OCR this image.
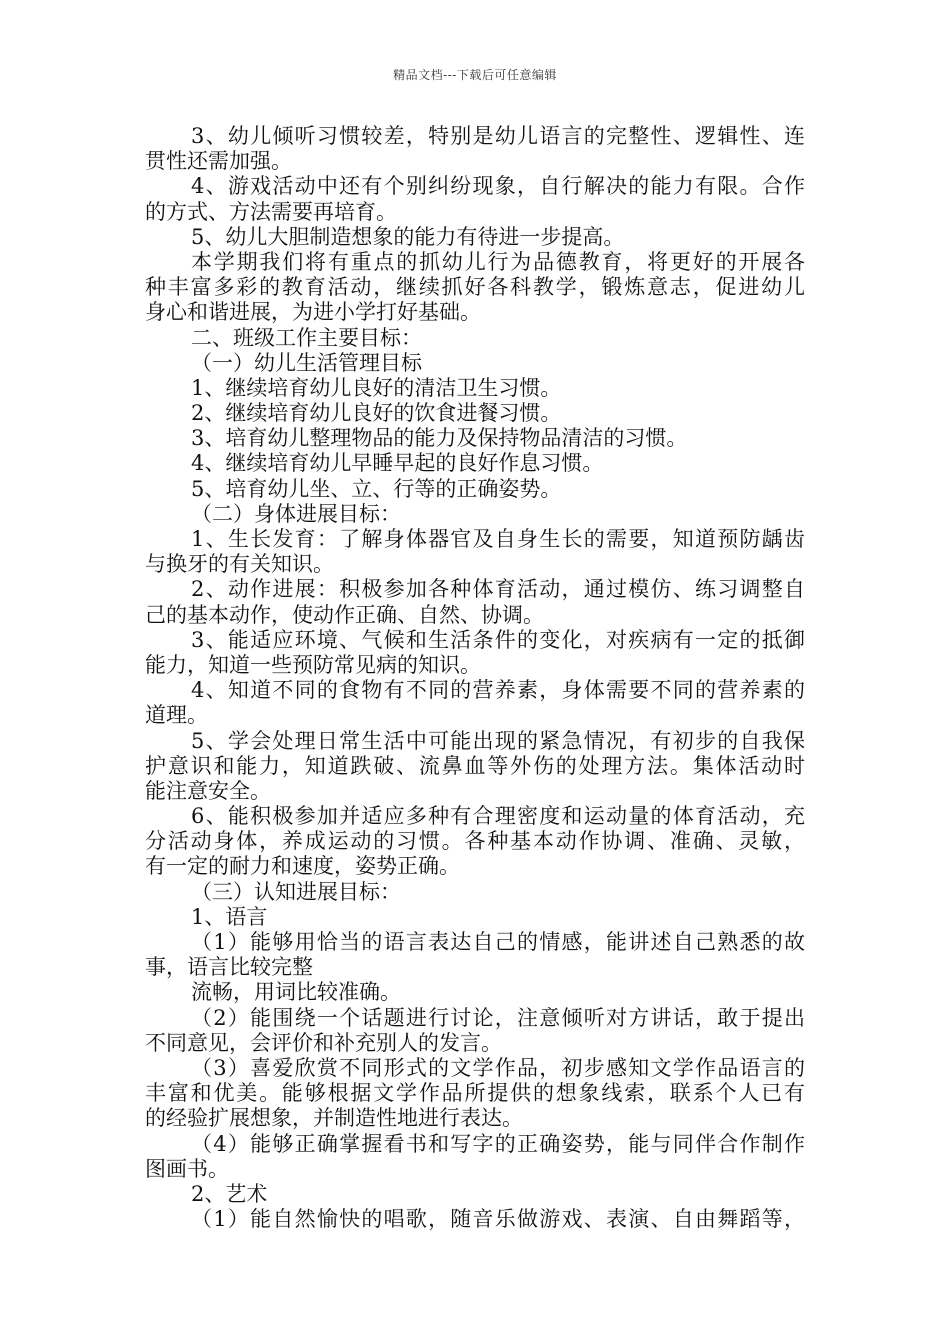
精品文档---下载后可任意编辑
3、幼儿倾听习惯较差，特别是幼儿语言的完整性、逻辑性、连
贯性还需加强。
4、游戏活动中还有个别纠纷现象，自行解决的能力有限。合作
的方式、方法需要再培育。
5、幼儿大胆制造想象的能力有待进一步提高。
本学期我们将有重点的抓幼儿行为品德教育，将更好的开展各
种丰富多彩的教育活动，继续抓好各科教学，锻炼意志，促进幼儿
身心和谐进展，为进小学打好基础。
二、班级工作主要目标：
（一）幼儿生活管理目标
1、继续培育幼儿良好的清洁卫生习惯。
2、继续培育幼儿良好的饮食进餐习惯。
3、培育幼儿整理物品的能力及保持物品清洁的习惯。
4、继续培育幼儿早睡早起的良好作息习惯。
5、培育幼儿坐、立、行等的正确姿势。
（二）身体进展目标：
1、生长发育：了解身体器官及自身生长的需要，知道预防龋齿
与换牙的有关知识。
2、动作进展：积极参加各种体育活动，通过模仿、练习调整自
己的基本动作，使动作正确、自然、协调。
3、能适应环境、气候和生活条件的变化，对疾病有一定的抵御
能力，知道一些预防常见病的知识。
4、知道不同的食物有不同的营养素，身体需要不同的营养素的
道理。
5、学会处理日常生活中可能出现的紧急情况，有初步的自我保
护意识和能力，知道跌破、流鼻血等外伤的处理方法。集体活动时
能注意安全。
6、能积极参加并适应多种有合理密度和运动量的体育活动，充
分活动身体，养成运动的习惯。各种基本动作协调、准确、灵敏，
有一定的耐力和速度，姿势正确。
（三）认知进展目标：
1、语言
（1）能够用恰当的语言表达自己的情感，能讲述自己熟悉的故
事，语言比较完整
流畅，用词比较准确。
（2）能围绕一个话题进行讨论，注意倾听对方讲话，敢于提出
不同意见，会评价和补充别人的发言。
（3）喜爱欣赏不同形式的文学作品，初步感知文学作品语言的
丰富和优美。能够根据文学作品所提供的想象线索，联系个人已有
的经验扩展想象，并制造性地进行表达。
（4）能够正确掌握看书和写字的正确姿势，能与同伴合作制作
图画书。
2、艺术
（1）能自然愉快的唱歌，随音乐做游戏、表演、自由舞蹈等，
